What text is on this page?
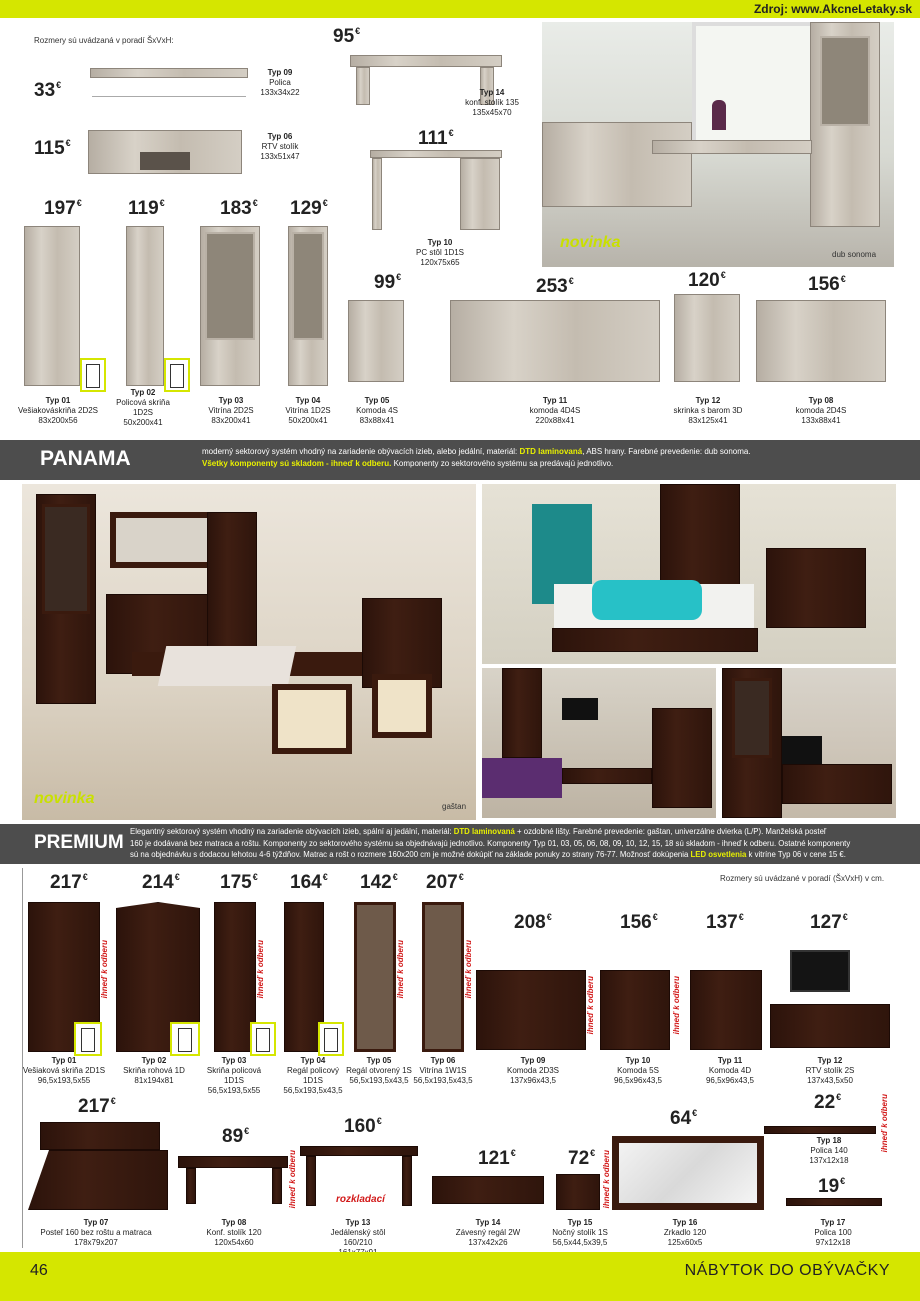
Zdroj: www.AkcneLetaky.sk
Rozmery sú uvádzaná v poradí ŠxVxH:
33€
Typ 09
Polica
133x34x22
115€
Typ 06
RTV stolík
133x51x47
95€
Typ 14
konf. stolík 135
135x45x70
111€
Typ 10
PC stôl 1D1S
120x75x65
novinka
dub sonoma
197€
Typ 01
Vešiakováskriňa 2D2S
83x200x56
119€
Typ 02
Policová skriňa 1D2S
50x200x41
183€
Typ 03
Vitrína 2D2S
83x200x41
129€
Typ 04
Vitrína 1D2S
50x200x41
99€
Typ 05
Komoda 4S
83x88x41
253€
Typ 11
komoda 4D4S
220x88x41
120€
Typ 12
skrinka s barom 3D
83x125x41
156€
Typ 08
komoda 2D4S
133x88x41
PANAMA	moderný sektorový systém vhodný na zariadenie obývacích izieb, alebo jedální, materiál: DTD laminovaná, ABS hrany. Farebné prevedenie: dub sonoma.
Všetky komponenty sú skladom - ihneď k odberu. Komponenty zo sektorového systému sa predávajú jednotlivo.
novinka	gaštan
PREMIUM
Elegantný sektorový systém vhodný na zariadenie obývacích izieb, spální aj jedální, materiál: DTD laminovaná + ozdobné lišty. Farebné prevedenie: gaštan, univerzálne dvierka (L/P). Manželská posteľ
160 je dodávaná bez matraca a roštu. Komponenty zo sektorového systému sa objednávajú jednotlivo. Komponenty Typ 01, 03, 05, 06, 08, 09, 10, 12, 15, 18 sú skladom - ihneď k odberu. Ostatné komponenty
sú na objednávku s dodacou lehotou 4-6 týždňov. Matrac a rošt o rozmere 160x200 cm je možné dokúpiť na základe ponuky zo strany 76-77. Možnosť dokúpenia LED osvetlenia k vitríne Typ 06 v cene 15 €.
Rozmery sú uvádzané v poradí (ŠxVxH) v cm.
217€
ihneď k odberu
Typ 01
Vešiaková skriňa 2D1S
96,5x193,5x55
214€
Typ 02
Skriňa rohová 1D
81x194x81
175€
ihneď k odberu
Typ 03
Skriňa policová 1D1S
56,5x193,5x55
164€
Typ 04
Regál policový 1D1S
56,5x193,5x43,5
142€
ihneď k odberu
Typ 05
Regál otvorený 1S
56,5x193,5x43,5
207€
ihneď k odberu
Typ 06
Vitrína 1W1S
56,5x193,5x43,5
208€
ihneď k odberu
Typ 09
Komoda 2D3S
137x96x43,5
156€
ihneď k odberu
Typ 10
Komoda 5S
96,5x96x43,5
137€
Typ 11
Komoda 4D
96,5x96x43,5
127€
Typ 12
RTV stolík 2S
137x43,5x50
217€
Typ 07
Posteľ 160 bez roštu a matraca
178x79x207
89€
ihneď k odberu
Typ 08
Konf. stolík 120
120x54x60
160€
rozkladací
Typ 13
Jedálenský stôl 160/210

121€
Typ 14
Závesný regál 2W
137x42x26
72€ ihneď k odberu
Typ 15
Nočný stolík 1S
56,5x44,5x39,5
64€
Typ 16
Zrkadlo 120
125x60x5
22€	ihneď k odberu
Typ 18
Polica 140
137x12x18
19€
Typ 17
Polica 100
97x12x18
46	NÁBYTOK DO OBÝVAČKY
